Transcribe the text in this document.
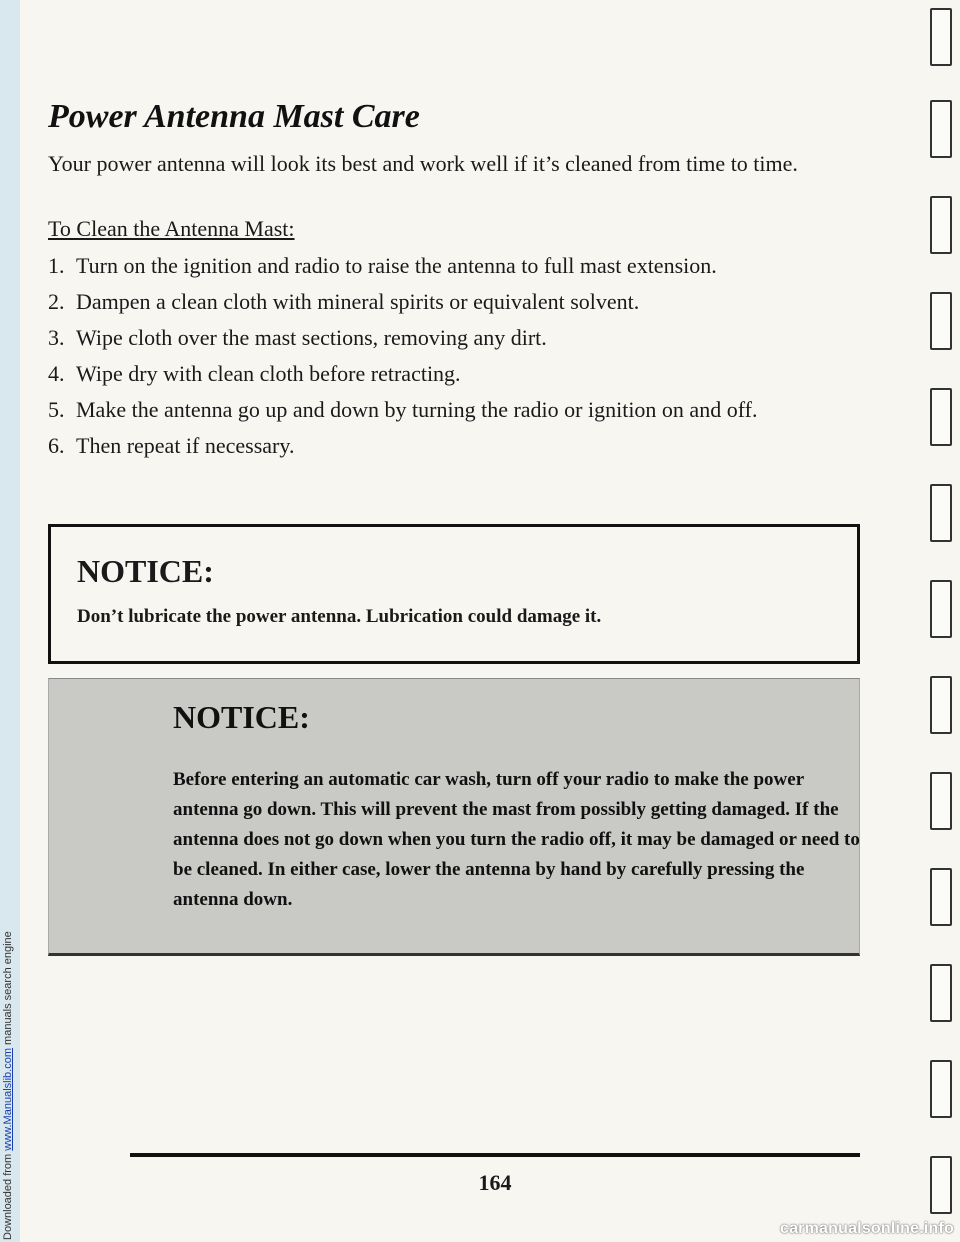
Downloaded from www.Manualslib.com manuals search engine
Power Antenna Mast Care

Your power antenna will look its best and work well if it’s cleaned from time to time.

To Clean the Antenna Mast:

1. Turn on the ignition and radio to raise the antenna to full mast extension.
2. Dampen a clean cloth with mineral spirits or equivalent solvent.
3. Wipe cloth over the mast sections, removing any dirt.
4. Wipe dry with clean cloth before retracting.
5. Make the antenna go up and down by turning the radio or ignition on and off.
6. Then repeat if necessary.
NOTICE:

Don’t lubricate the power antenna. Lubrication could damage it.

NOTICE:

Before entering an automatic car wash, turn off your radio to make the power antenna go down. This will prevent the mast from possibly getting damaged. If the antenna does not go down when you turn the radio off, it may be damaged or need to be cleaned. In either case, lower the antenna by hand by carefully pressing the antenna down.

164
carmanualsonline.info
